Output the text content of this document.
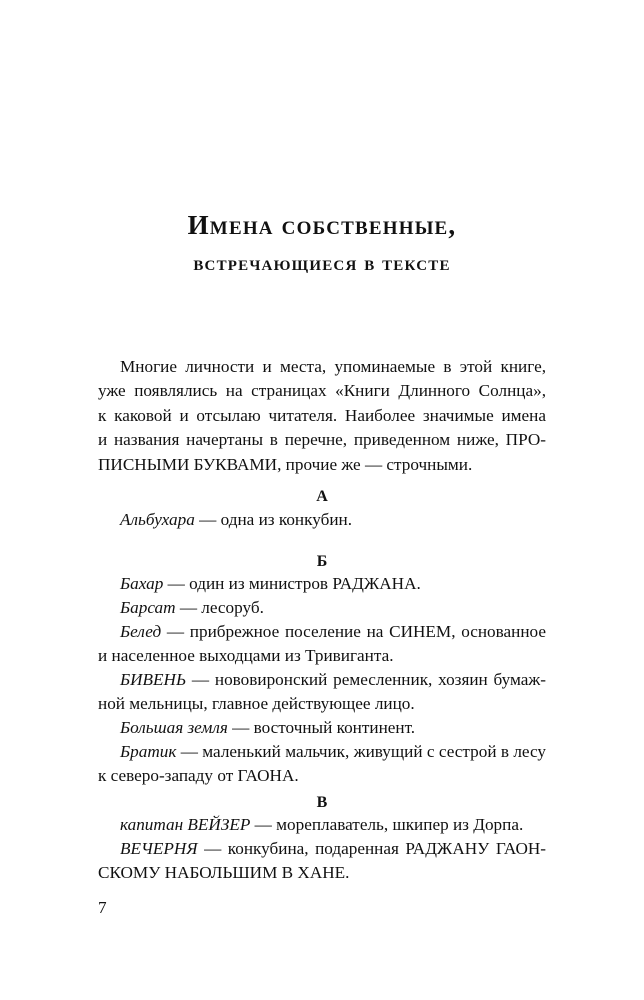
Имена собственные,
встречающиеся в тексте
Многие личности и места, упоминаемые в этой книге,
уже появлялись на страницах «Книги Длинного Солнца»,
к каковой и отсылаю читателя. Наиболее значимые имена
и названия начертаны в перечне, приведенном ниже, ПРО-
ПИСНЫМИ БУКВАМИ, прочие же — строчными.
А
Альбухара — одна из конкубин.
Б
Бахар — один из министров РАДЖАНА.
Барсат — лесоруб.
Белед — прибрежное поселение на СИНЕМ, основанное
и населенное выходцами из Тривиганта.
БИВЕНЬ — нововиронский ремесленник, хозяин бумаж-
ной мельницы, главное действующее лицо.
Большая земля — восточный континент.
Братик — маленький мальчик, живущий с сестрой в лесу
к северо-западу от ГАОНА.
В
капитан ВЕЙЗЕР — мореплаватель, шкипер из Дорпа.
ВЕЧЕРНЯ — конкубина, подаренная РАДЖАНУ ГАОН-
СКОМУ НАБОЛЬШИМ В ХАНЕ.
7
